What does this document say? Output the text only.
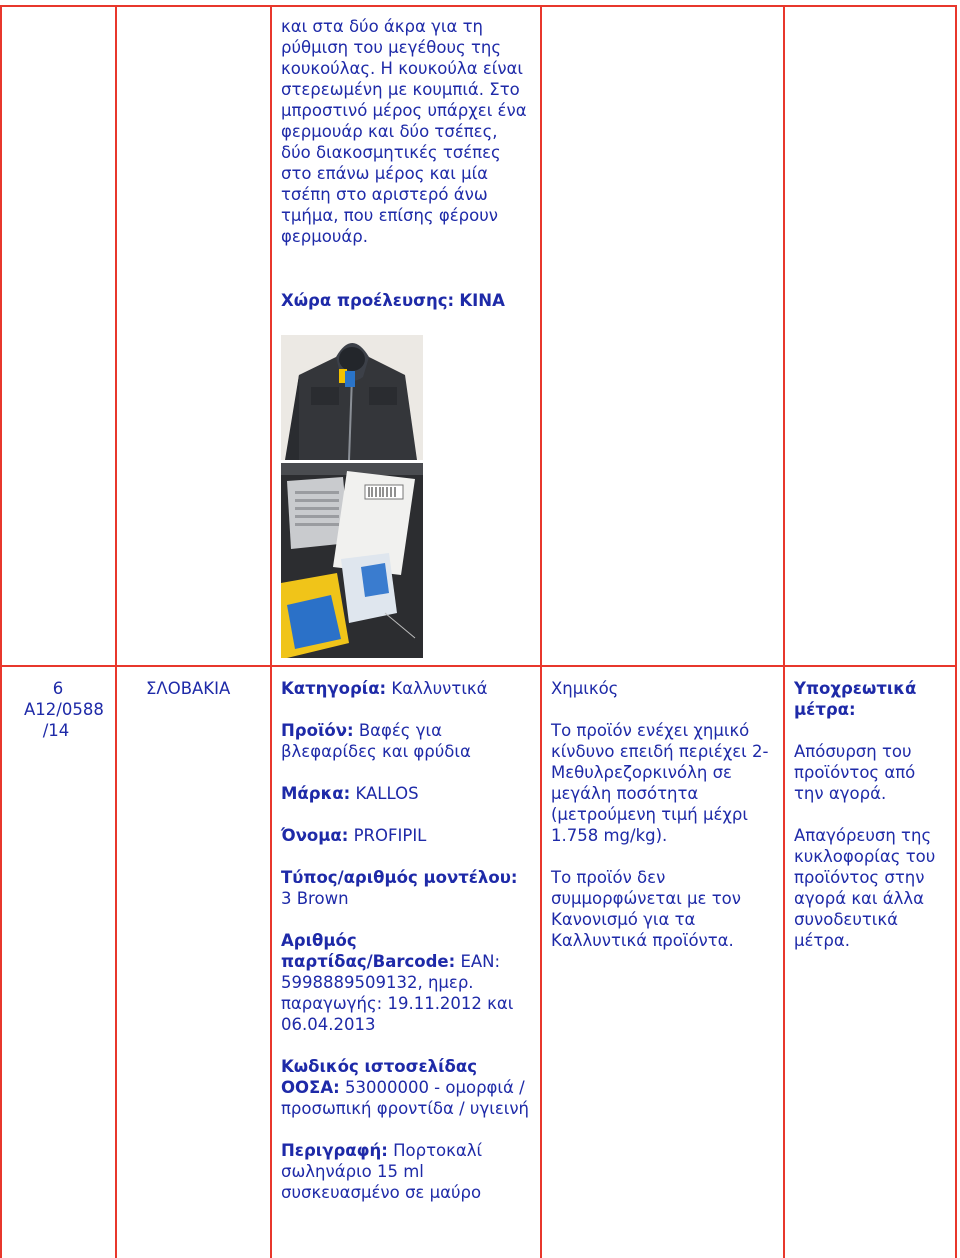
και στα δύο άκρα για τη ρύθμιση του μεγέθους της κουκούλας. Η κουκούλα είναι στερεωμένη με κουμπιά. Στο μπροστινό μέρος υπάρχει ένα φερμουάρ και δύο τσέπες, δύο διακοσμητικές τσέπες στο επάνω μέρος και μία τσέπη στο αριστερό άνω τμήμα, που επίσης φέρουν φερμουάρ.

Χώρα προέλευσης: ΚΙΝΑ

6

A12/0588 /14

ΣΛΟΒΑΚΙΑ	Κατηγορία: Καλλυντικά

Προϊόν: Βαφές για βλεφαρίδες και φρύδια

Μάρκα: KALLOS

Όνομα: PROFIPIL

Τύπος/αριθμός μοντέλου: 3 Brown

Αριθμός παρτίδας/Barcode: EAN: 5998889509132, ημερ. παραγωγής: 19.11.2012 και 06.04.2013

Κωδικός ιστοσελίδας ΟΟΣΑ: 53000000 - ομορφιά / προσωπική φροντίδα / υγιεινή

Περιγραφή: Πορτοκαλί σωληνάριο 15 ml συσκευασμένο σε μαύρο

Χημικός

Το προϊόν ενέχει χημικό κίνδυνο επειδή περιέχει 2- Μεθυλρεζορκινόλη σε μεγάλη ποσότητα (μετρούμενη τιμή μέχρι 1.758 mg/kg).

Το προϊόν δεν συμμορφώνεται με τον Κανονισμό για τα Καλλυντικά προϊόντα.

Υποχρεωτικά μέτρα:

Απόσυρση του προϊόντος από την αγορά.

Απαγόρευση της κυκλοφορίας του προϊόντος στην αγορά και άλλα συνοδευτικά μέτρα.
